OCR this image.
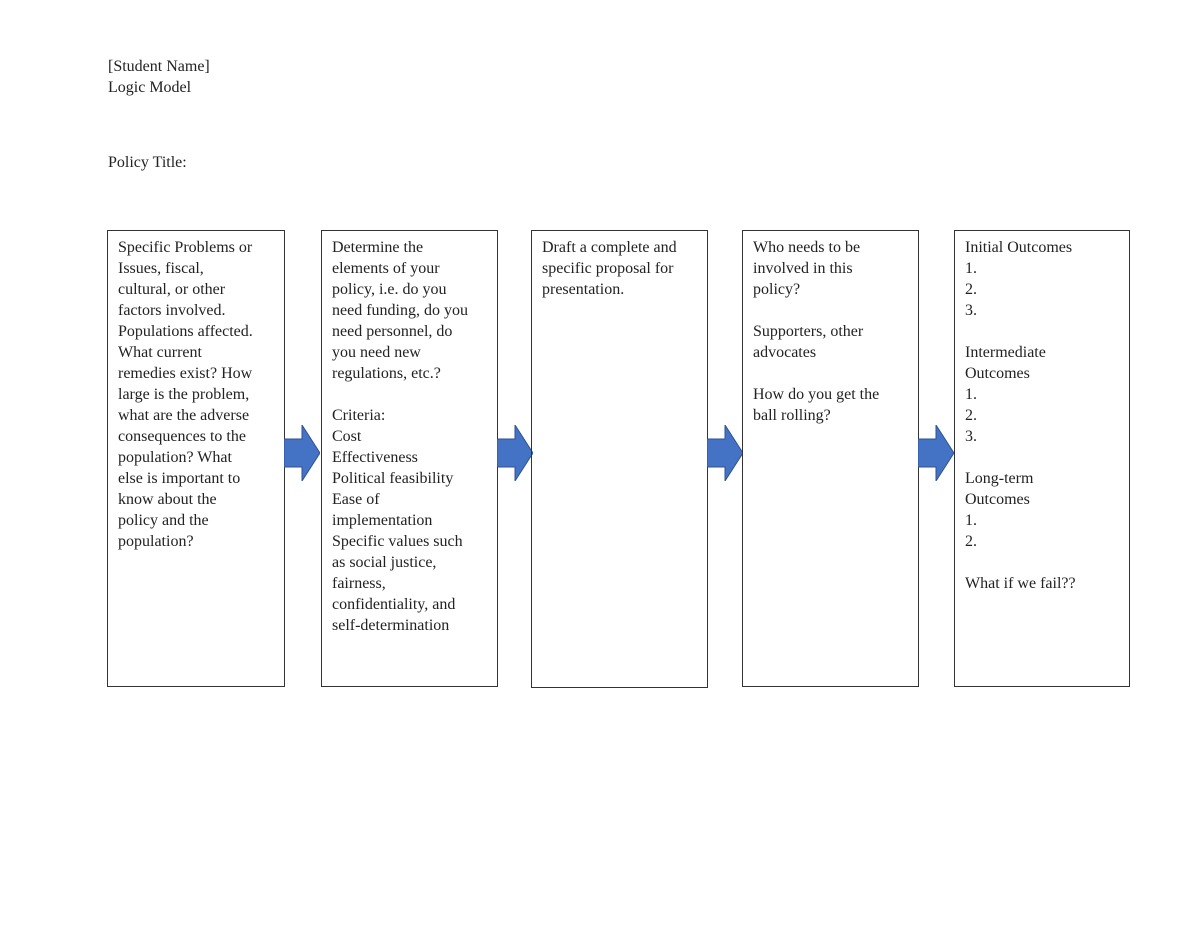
[Student Name]
Logic Model
Policy Title:
Specific Problems or
Issues, fiscal,
cultural, or other
factors involved.
Populations affected.
What current
remedies exist? How
large is the problem,
what are the adverse
consequences to the
population? What
else is important to
know about the
policy and the
population?
Determine the
elements of your
policy, i.e. do you
need funding, do you
need personnel, do
you need new
regulations, etc.?
Criteria:
Cost
Effectiveness
Political feasibility
Ease of
implementation
Specific values such
as social justice,
fairness,
confidentiality, and
self-determination
Draft a complete and
specific proposal for
presentation.
Who needs to be
involved in this
policy?
Supporters, other
advocates
How do you get the
ball rolling?
Initial Outcomes
1.
2.
3.
Intermediate
Outcomes
1.
2.
3.
Long-term
Outcomes
1.
2.
What if we fail??
